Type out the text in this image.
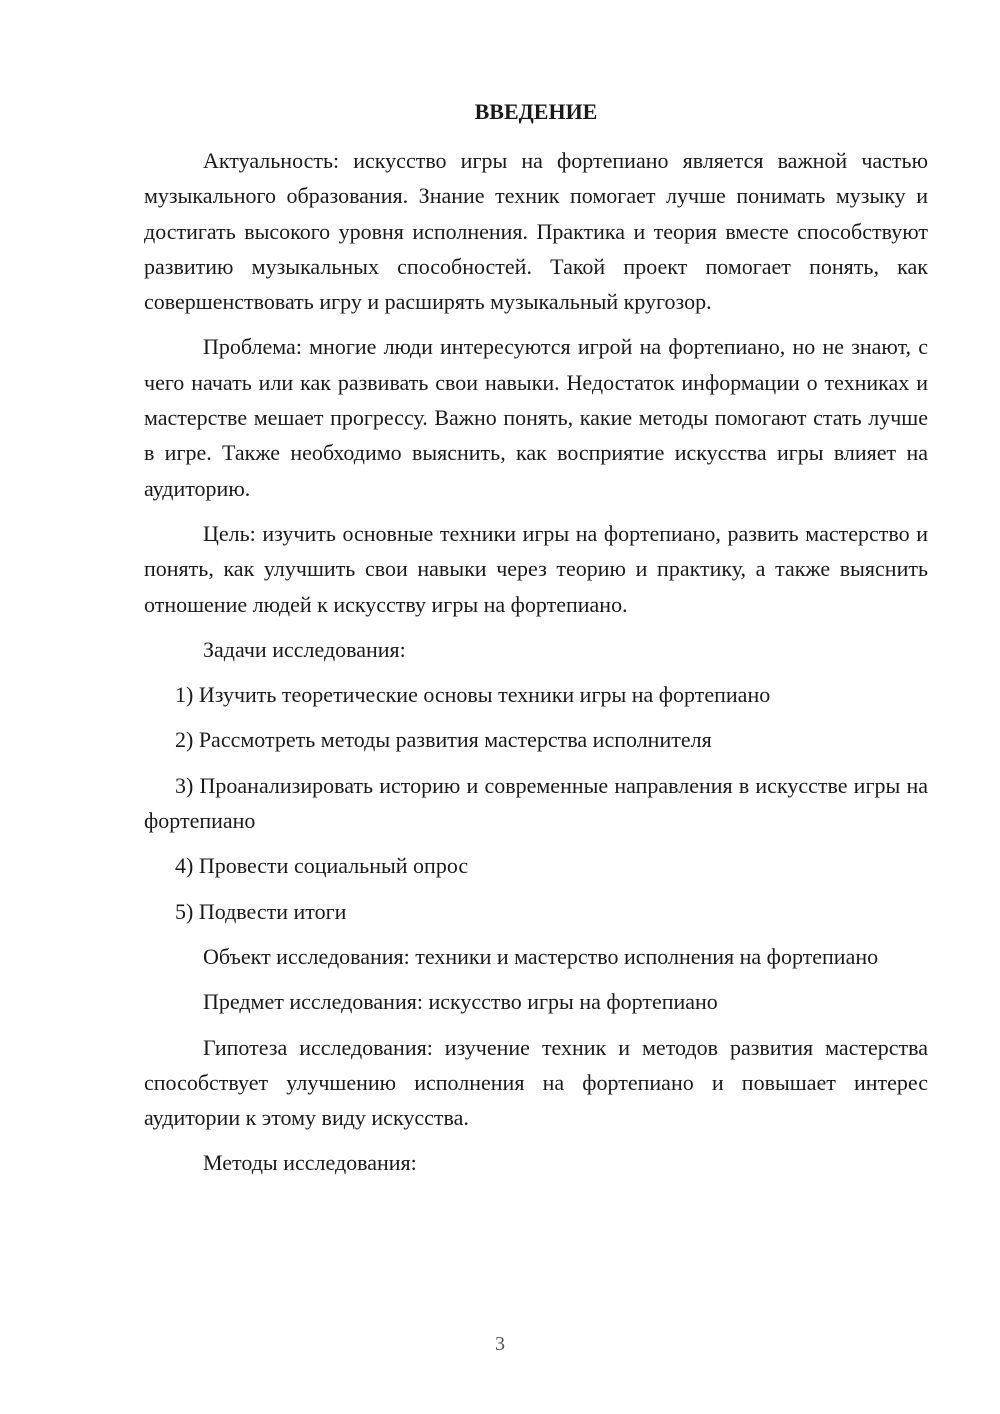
ВВЕДЕНИЕ

Актуальность: искусство игры на фортепиано является важной частью музыкального образования. Знание техник помогает лучше понимать музыку и достигать высокого уровня исполнения. Практика и теория вместе способствуют развитию музыкальных способностей. Такой проект помогает понять, как совершенствовать игру и расширять музыкальный кругозор.

Проблема: многие люди интересуются игрой на фортепиано, но не знают, с чего начать или как развивать свои навыки. Недостаток информации о техниках и мастерстве мешает прогрессу. Важно понять, какие методы помогают стать лучше в игре. Также необходимо выяснить, как восприятие искусства игры влияет на аудиторию.

Цель: изучить основные техники игры на фортепиано, развить мастерство и понять, как улучшить свои навыки через теорию и практику, а также выяснить отношение людей к искусству игры на фортепиано.

Задачи исследования:

1) Изучить теоретические основы техники игры на фортепиано

2) Рассмотреть методы развития мастерства исполнителя

3) Проанализировать историю и современные направления в искусстве игры на фортепиано

4) Провести социальный опрос

5) Подвести итоги

Объект исследования: техники и мастерство исполнения на фортепиано

Предмет исследования: искусство игры на фортепиано

Гипотеза исследования: изучение техник и методов развития мастерства способствует улучшению исполнения на фортепиано и повышает интерес аудитории к этому виду искусства.

Методы исследования:

3
